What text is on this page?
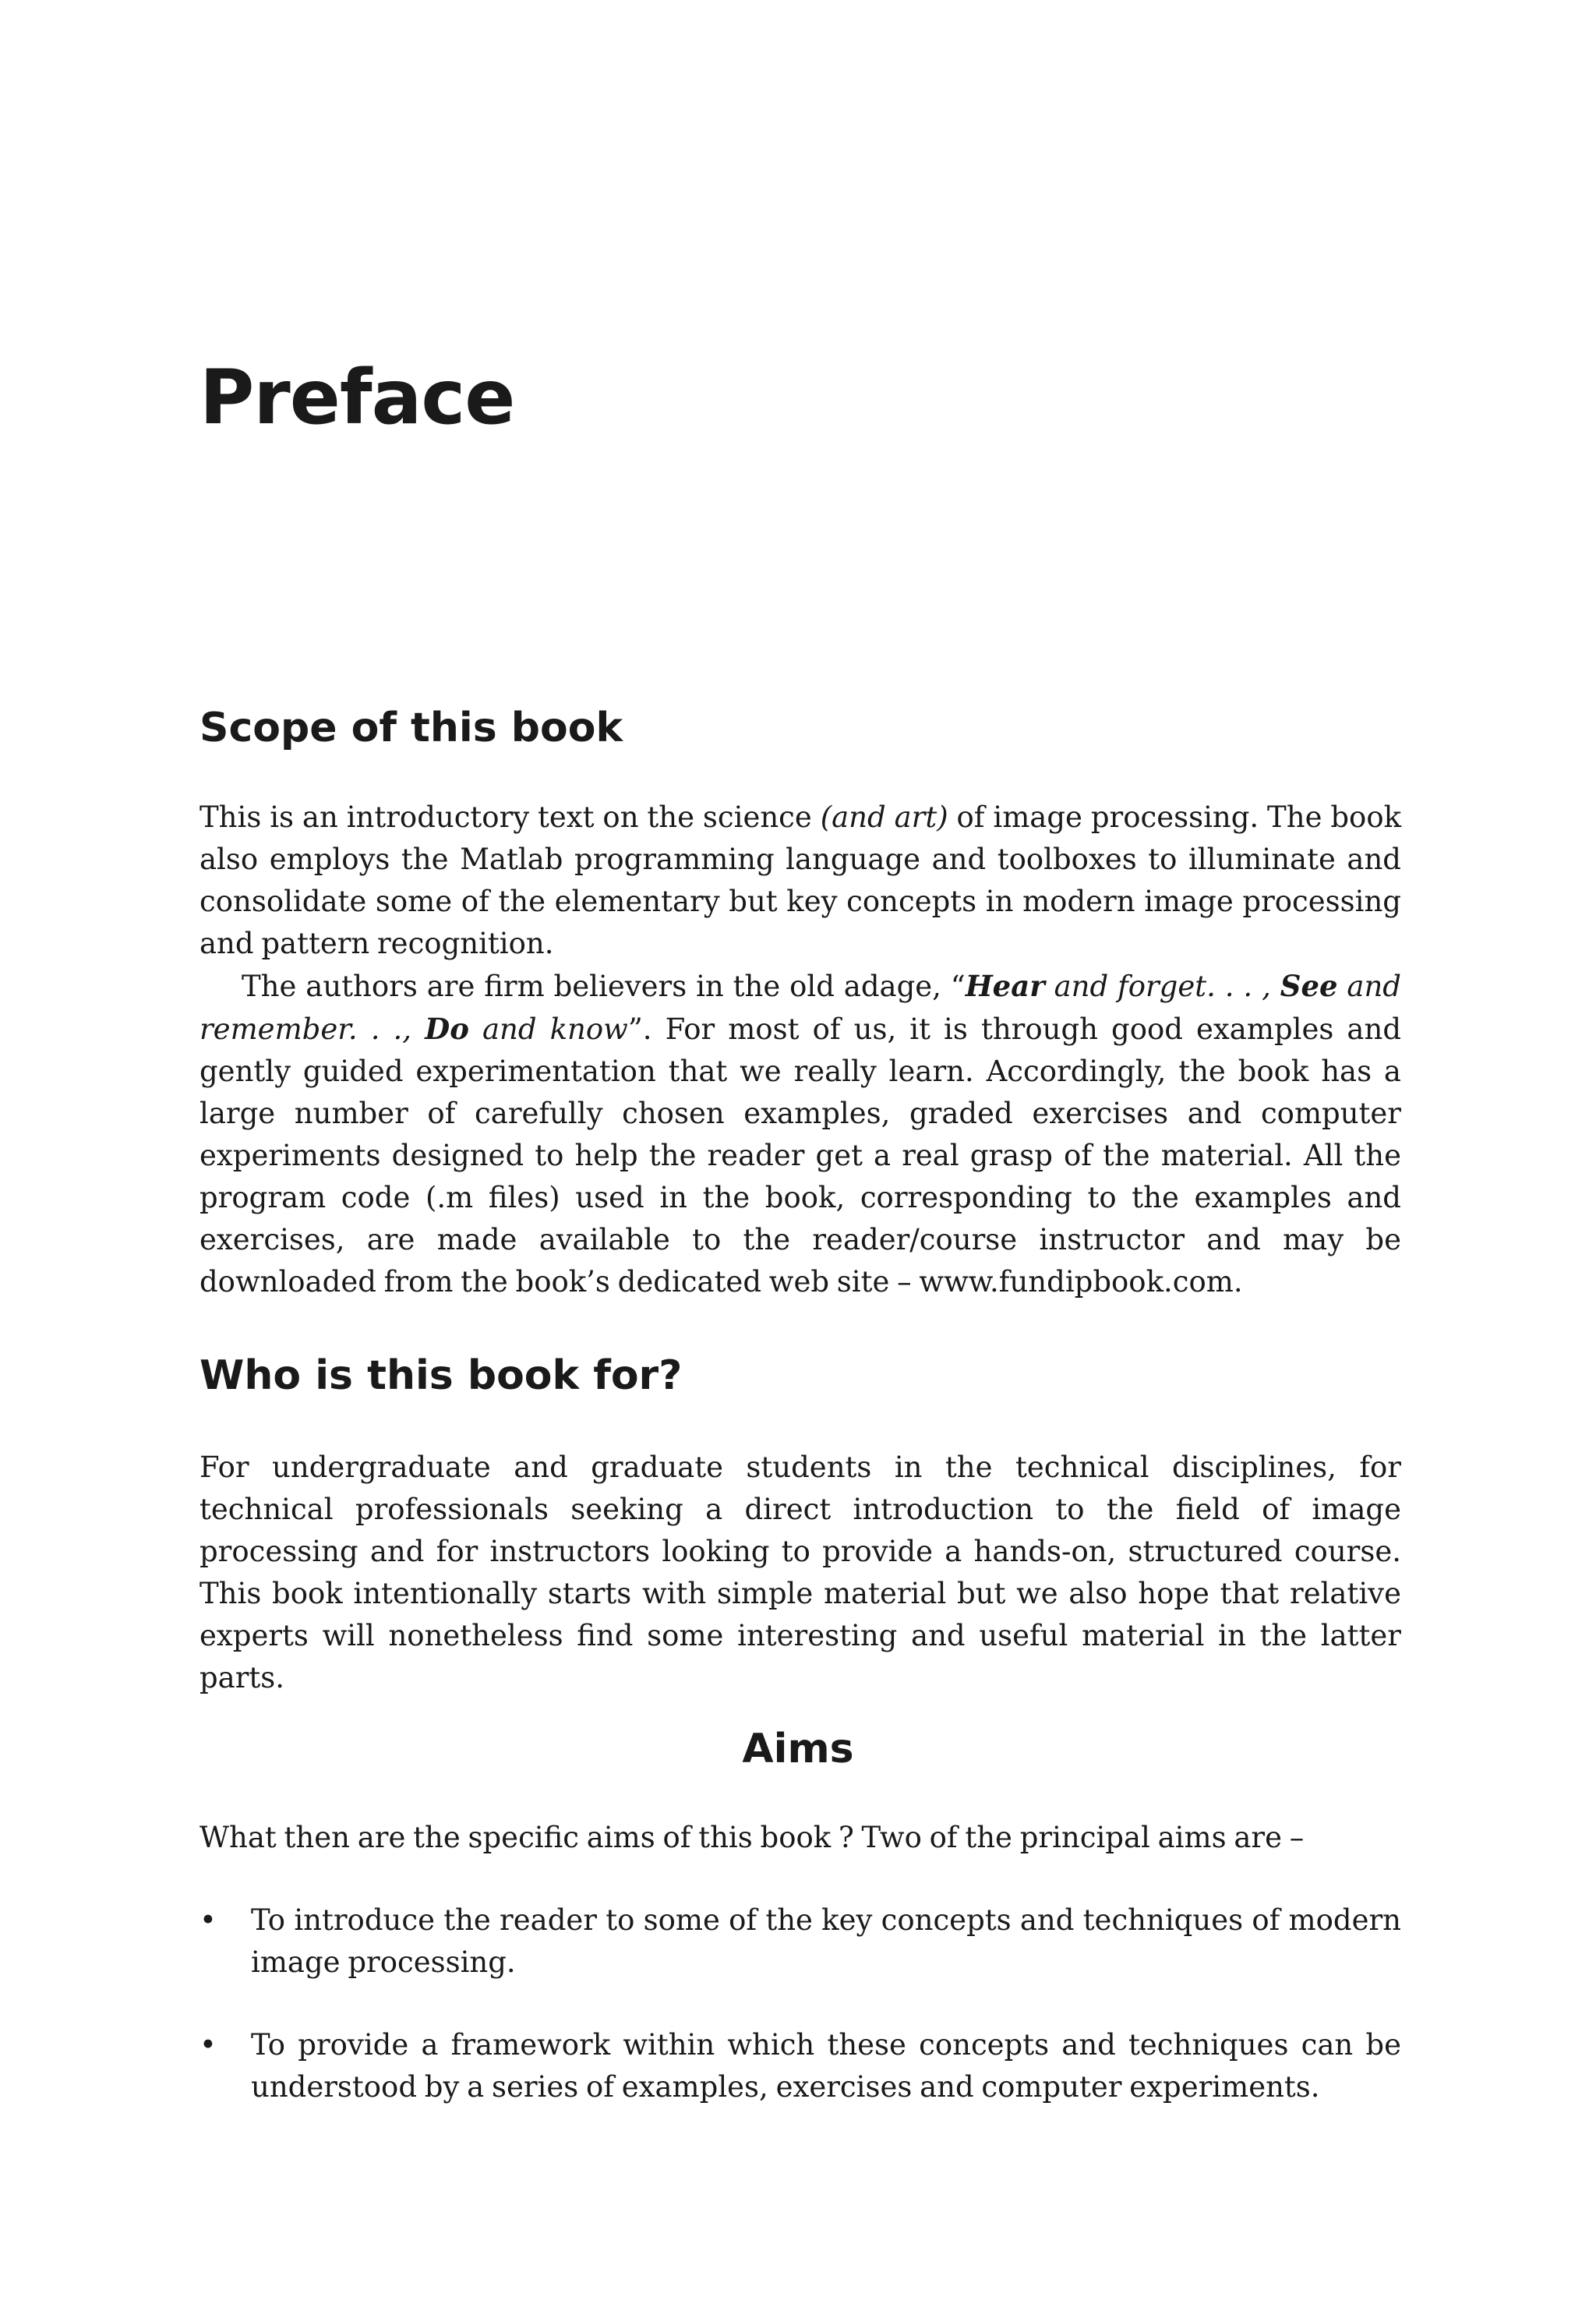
Preface
Scope of this book

This is an introductory text on the science (and art) of image processing. The book also employs the Matlab programming language and toolboxes to illuminate and consolidate some of the elementary but key concepts in modern image processing and pattern recognition.

The authors are firm believers in the old adage, “Hear and forget. . . , See and remember. . ., Do and know”. For most of us, it is through good examples and gently guided experimentation that we really learn. Accordingly, the book has a large number of carefully chosen examples, graded exercises and computer experiments designed to help the reader get a real grasp of the material. All the program code (.m files) used in the book, corresponding to the examples and exercises, are made available to the reader/course instructor and may be downloaded from the book’s dedicated web site – www.fundipbook.com.

Who is this book for?

For undergraduate and graduate students in the technical disciplines, for technical professionals seeking a direct introduction to the field of image processing and for instructors looking to provide a hands-on, structured course. This book intentionally starts with simple material but we also hope that relative experts will nonetheless find some interesting and useful material in the latter parts.

Aims

What then are the specific aims of this book ? Two of the principal aims are –

• To introduce the reader to some of the key concepts and techniques of modern image processing.

• To provide a framework within which these concepts and techniques can be understood by a series of examples, exercises and computer experiments.
